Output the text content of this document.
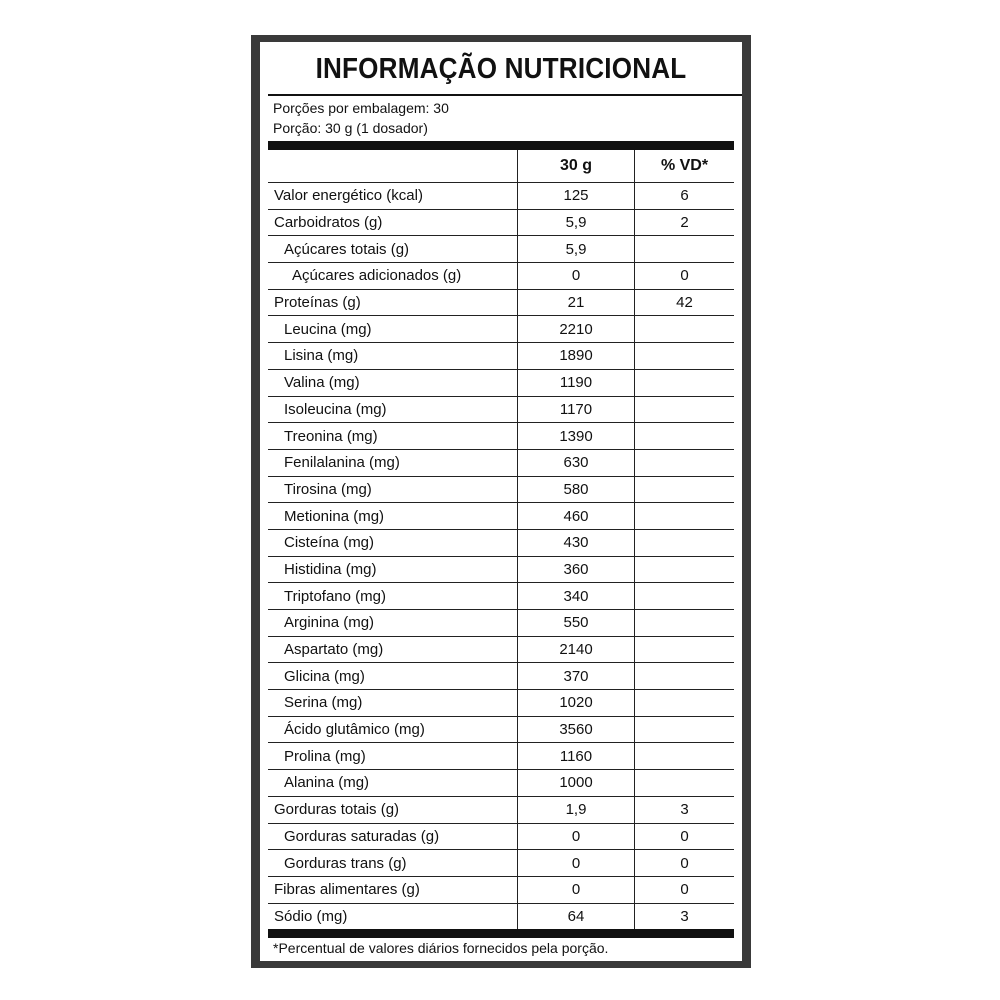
INFORMAÇÃO NUTRICIONAL
Porções por embalagem: 30
Porção: 30 g (1 dosador)
30 g	% VD*
Valor energético (kcal)	125	6
Carboidratos (g)	5,9	2
Açúcares totais (g)	5,9
Açúcares adicionados (g)	0	0
Proteínas (g)	21	42
Leucina (mg)	2210
Lisina (mg)	1890
Valina (mg)	1190
Isoleucina (mg)	1170
Treonina (mg)	1390
Fenilalanina (mg)	630
Tirosina (mg)	580
Metionina (mg)	460
Cisteína (mg)	430
Histidina (mg)	360
Triptofano (mg)	340
Arginina (mg)	550
Aspartato (mg)	2140
Glicina (mg)	370
Serina (mg)	1020
Ácido glutâmico (mg)	3560
Prolina (mg)	1160
Alanina (mg)	1000
Gorduras totais (g)	1,9	3
Gorduras saturadas (g)	0	0
Gorduras trans (g)	0	0
Fibras alimentares (g)	0	0
Sódio (mg)	64	3
*Percentual de valores diários fornecidos pela porção.
